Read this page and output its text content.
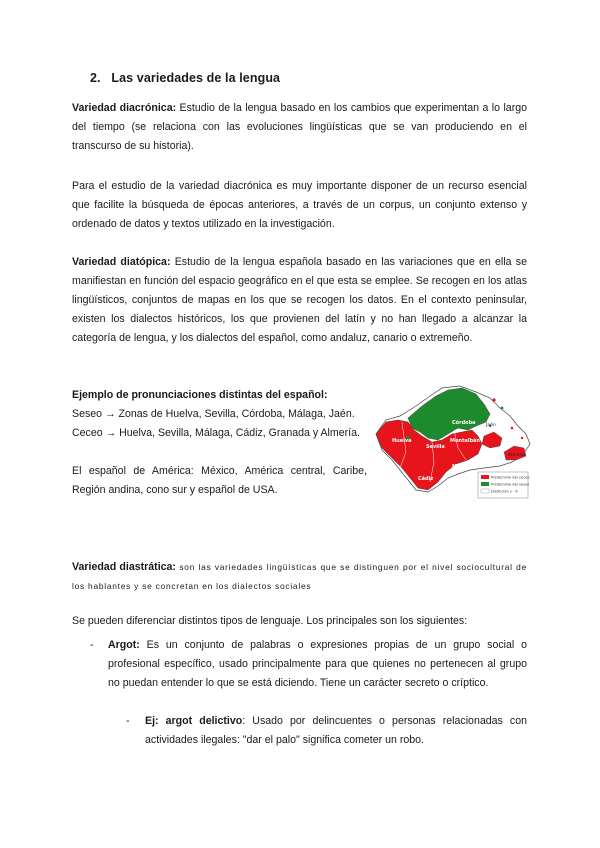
2. Las variedades de la lengua
Variedad diacrónica: Estudio de la lengua basado en los cambios que experimentan a lo largo del tiempo (se relaciona con las evoluciones lingüísticas que se van produciendo en el transcurso de su historia).
Para el estudio de la variedad diacrónica es muy importante disponer de un recurso esencial que facilite la búsqueda de épocas anteriores, a través de un corpus, un conjunto extenso y ordenado de datos y textos utilizado en la investigación.
Variedad diatópica: Estudio de la lengua española basado en las variaciones que en ella se manifiestan en función del espacio geográfico en el que esta se emplee. Se recogen en los atlas lingüísticos, conjuntos de mapas en los que se recogen los datos. En el contexto peninsular, existen los dialectos históricos, los que provienen del latín y no han llegado a alcanzar la categoría de lengua, y los dialectos del español, como andaluz, canario o extremeño.
Ejemplo de pronunciaciones distintas del español:
Seseo → Zonas de Huelva, Sevilla, Córdoba, Málaga, Jaén.
Ceceo → Huelva, Sevilla, Málaga, Cádiz, Granada y Almería.
El español de América: México, América central, Caribe, Región andina, cono sur y español de USA.
Huelva
Sevilla
Córdoba Jaén
Montalbán
Málaga
Cádiz
Almería
Predominio del ceceo
Predominio del seseo
Distinción s - θ
Variedad diastrática: son las variedades lingüísticas que se distinguen por el nivel sociocultural de los hablantes y se concretan en los dialectos sociales
Se pueden diferenciar distintos tipos de lenguaje. Los principales son los siguientes:
- Argot: Es un conjunto de palabras o expresiones propias de un grupo social o profesional específico, usado principalmente para que quienes no pertenecen al grupo no puedan entender lo que se está diciendo. Tiene un carácter secreto o críptico.
- Ej: argot delictivo: Usado por delincuentes o personas relacionadas con actividades ilegales: "dar el palo" significa cometer un robo.
